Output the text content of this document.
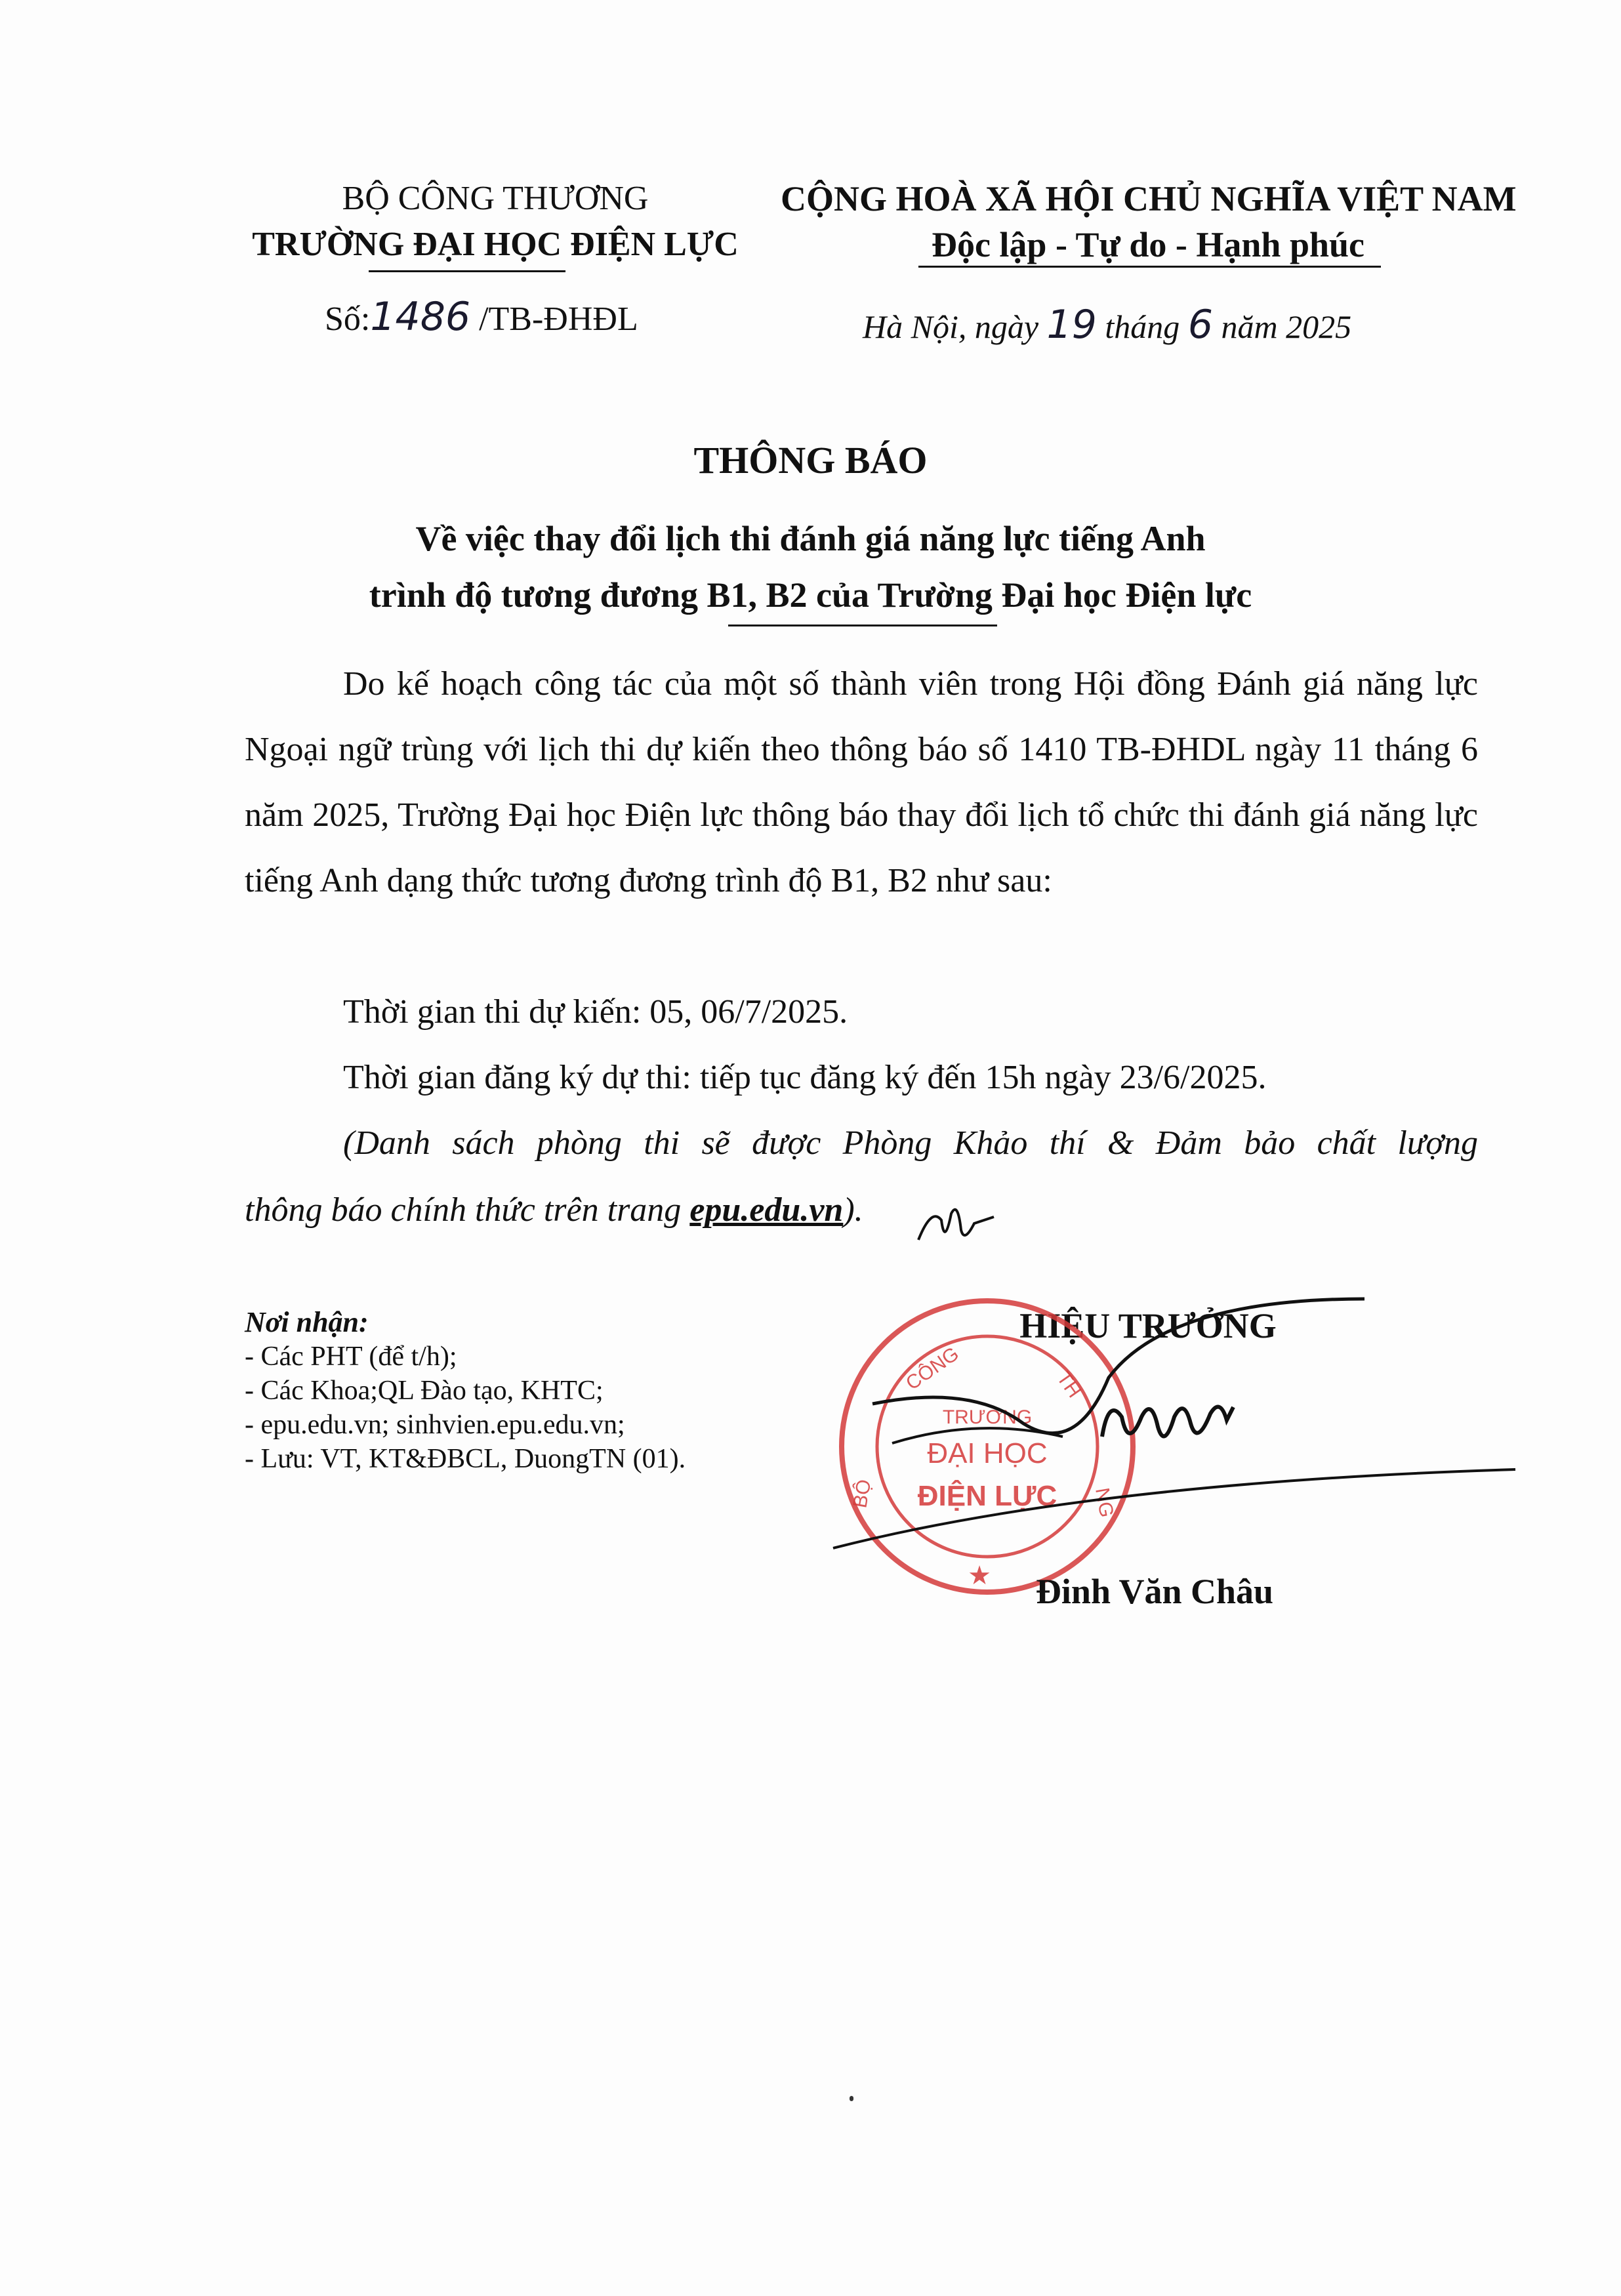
BỘ CÔNG THƯƠNG
TRƯỜNG ĐẠI HỌC ĐIỆN LỰC
Số:1486 /TB-ĐHĐL
CỘNG HOÀ XÃ HỘI CHỦ NGHĨA VIỆT NAM
Độc lập - Tự do - Hạnh phúc
Hà Nội, ngày 19 tháng 6 năm 2025
THÔNG BÁO
Về việc thay đổi lịch thi đánh giá năng lực tiếng Anh
trình độ tương đương B1, B2 của Trường Đại học Điện lực
Do kế hoạch công tác của một số thành viên trong Hội đồng Đánh giá năng lực Ngoại ngữ trùng với lịch thi dự kiến theo thông báo số 1410 TB-ĐHDL ngày 11 tháng 6 năm 2025, Trường Đại học Điện lực thông báo thay đổi lịch tổ chức thi đánh giá năng lực tiếng Anh dạng thức tương đương trình độ B1, B2 như sau:
Thời gian thi dự kiến: 05, 06/7/2025.
Thời gian đăng ký dự thi: tiếp tục đăng ký đến 15h ngày 23/6/2025.
(Danh sách phòng thi sẽ được Phòng Khảo thí & Đảm bảo chất lượng
thông báo chính thức trên trang epu.edu.vn).
Nơi nhận:
- Các PHT (để t/h);
- Các Khoa;QL Đào tạo, KHTC;
- epu.edu.vn; sinhvien.epu.edu.vn;
- Lưu: VT, KT&ĐBCL, DuongTN (01).
HIỆU TRƯỞNG
CÔNG	TH
BỘ	NG
TRƯỜNG
ĐẠI HỌC
ĐIỆN LỰC
★	Đinh Văn Châu
